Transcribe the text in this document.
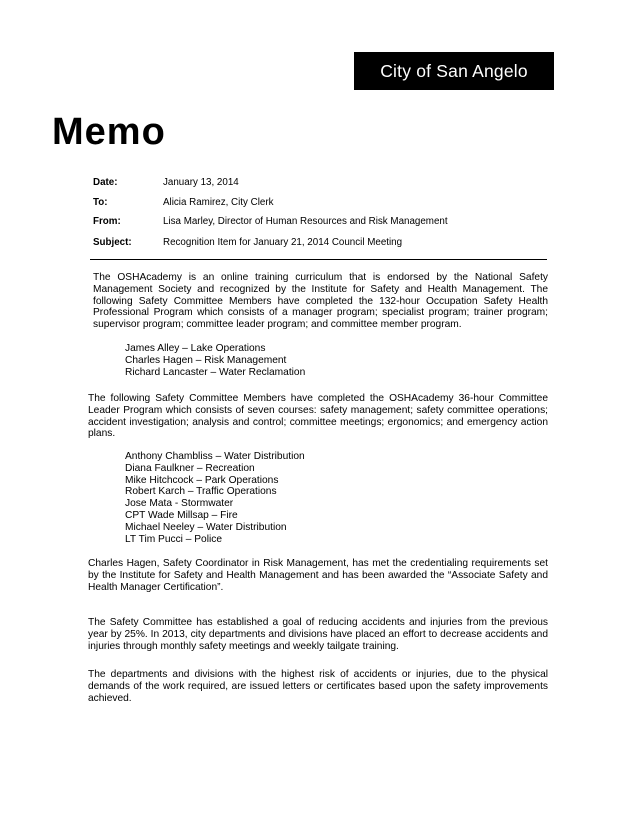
City of San Angelo
Memo
Date:	January 13, 2014
To:	Alicia Ramirez, City Clerk
From:	Lisa Marley, Director of Human Resources and Risk Management
Subject:	Recognition Item for January 21, 2014 Council Meeting

The OSHAcademy is an online training curriculum that is endorsed by the National Safety Management Society and recognized by the Institute for Safety and Health Management. The following Safety Committee Members have completed the 132-hour Occupation Safety Health Professional Program which consists of a manager program; specialist program; trainer program; supervisor program; committee leader program; and committee member program.

James Alley – Lake Operations
Charles Hagen – Risk Management
Richard Lancaster – Water Reclamation

The following Safety Committee Members have completed the OSHAcademy 36-hour Committee Leader Program which consists of seven courses: safety management; safety committee operations; accident investigation; analysis and control; committee meetings; ergonomics; and emergency action plans.

Anthony Chambliss – Water Distribution
Diana Faulkner – Recreation
Mike Hitchcock – Park Operations
Robert Karch – Traffic Operations
Jose Mata - Stormwater
CPT Wade Millsap – Fire
Michael Neeley – Water Distribution
LT Tim Pucci – Police

Charles Hagen, Safety Coordinator in Risk Management, has met the credentialing requirements set by the Institute for Safety and Health Management and has been awarded the “Associate Safety and Health Manager Certification”.

The Safety Committee has established a goal of reducing accidents and injuries from the previous year by 25%. In 2013, city departments and divisions have placed an effort to decrease accidents and injuries through monthly safety meetings and weekly tailgate training.

The departments and divisions with the highest risk of accidents or injuries, due to the physical demands of the work required, are issued letters or certificates based upon the safety improvements achieved.
